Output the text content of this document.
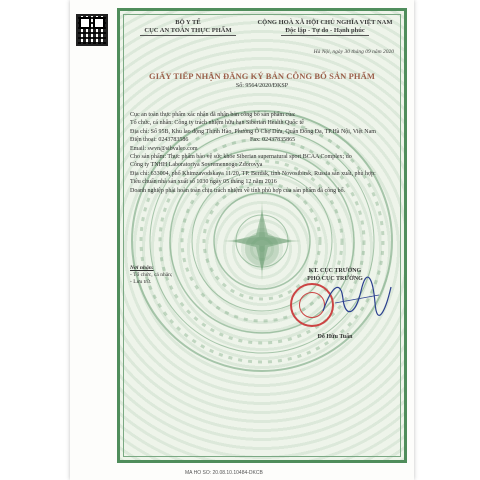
BỘ Y TẾ
CỤC AN TOÀN THỰC PHẨM
CỘNG HOÀ XÃ HỘI CHỦ NGHĨA VIỆT NAM
Độc lập - Tự do - Hạnh phúc
Hà Nội, ngày 30 tháng 09 năm 2020
GIẤY TIẾP NHẬN ĐĂNG KÝ BẢN CÔNG BỐ SẢN PHẨM
Số: 9564/2020/ĐKSP
Cục an toàn thực phẩm xác nhận đã nhận bản công bố sản phẩm của:
Tổ chức, cá nhân: Công ty trách nhiệm hữu hạn Siberian Health Quốc tế
Địa chỉ: Số 95B, Khu lao động Thịnh Hào, Phường Ô Chợ Dừa, Quận Đống Đa, TP.Hà Nội, Việt Nam
Điện thoại: 0243783586	Fax: 02437835865
Email: swvn@sibvaleo.com
Cho sản phẩm: Thực phẩm bảo vệ sức khỏe Siberian supernatural sport BCAA Complex; do
Công ty TNHH Laboratoriya Sovremennogo Zdorovya
Địa chỉ: 633004, phố Khimzavodskaya 11/20, TP. Berdsk, tỉnh Novosibirsk, Russia sản xuất, phù hợp:
Tiêu chuẩn nhà sản xuất số 1030 ngày 05 tháng 12 năm 2016
Doanh nghiệp phải hoàn toàn chịu trách nhiệm về tính phù hợp của sản phẩm đã công bố.
Nơi nhận:
- Tổ chức, cá nhân;
- Lưu trữ.
KT. CỤC TRƯỞNG
PHÓ CỤC TRƯỞNG
Đỗ Hữu Tuấn
MA HO SO: 20.08.10.10484-DKCB
